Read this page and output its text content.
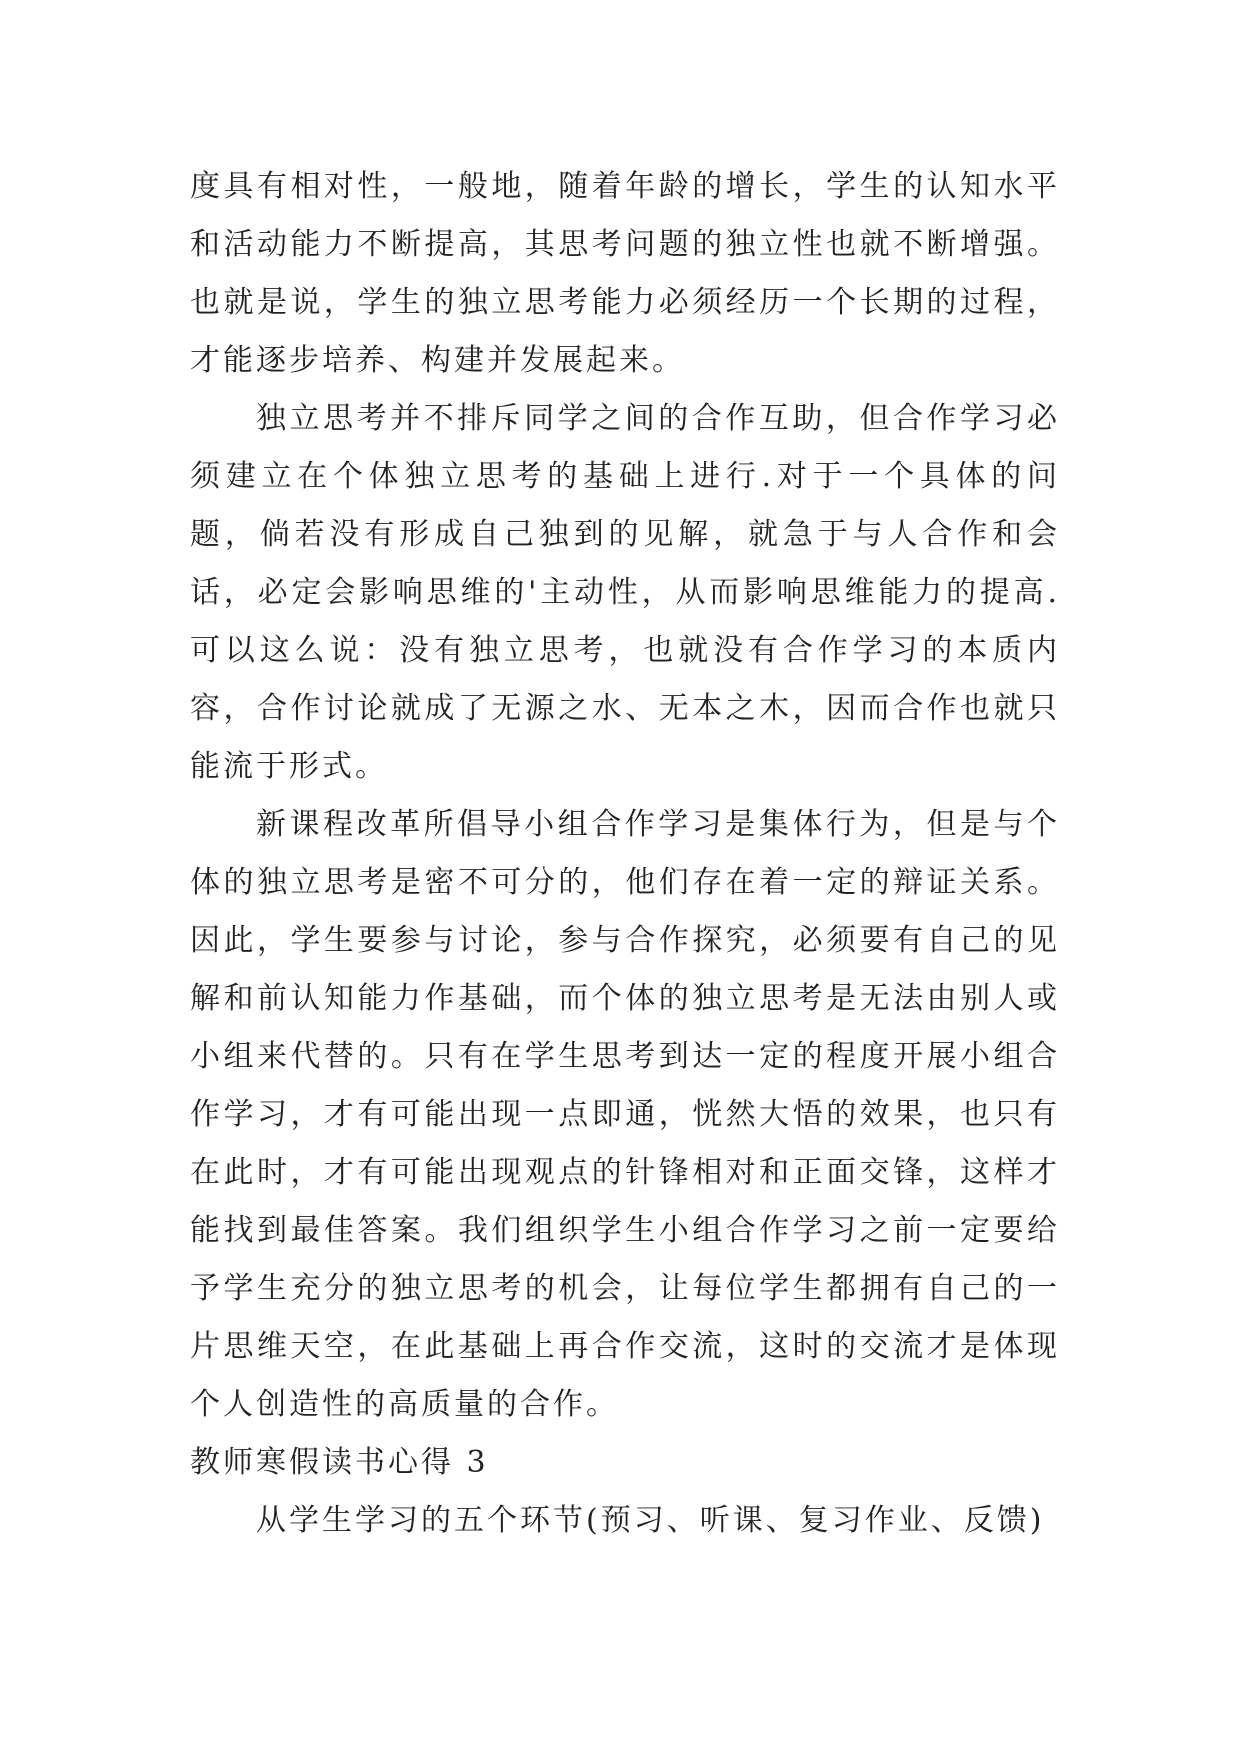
度具有相对性，一般地，随着年龄的增长，学生的认知水平和活动能力不断提高，其思考问题的独立性也就不断增强。也就是说，学生的独立思考能力必须经历一个长期的过程，才能逐步培养、构建并发展起来。

独立思考并不排斥同学之间的合作互助，但合作学习必须建立在个体独立思考的基础上进行.对于一个具体的问题，倘若没有形成自己独到的见解，就急于与人合作和会话，必定会影响思维的'主动性，从而影响思维能力的提高.可以这么说：没有独立思考，也就没有合作学习的本质内容，合作讨论就成了无源之水、无本之木，因而合作也就只能流于形式。

新课程改革所倡导小组合作学习是集体行为，但是与个体的独立思考是密不可分的，他们存在着一定的辩证关系。因此，学生要参与讨论，参与合作探究，必须要有自己的见解和前认知能力作基础，而个体的独立思考是无法由别人或小组来代替的。只有在学生思考到达一定的程度开展小组合作学习，才有可能出现一点即通，恍然大悟的效果，也只有在此时，才有可能出现观点的针锋相对和正面交锋，这样才能找到最佳答案。我们组织学生小组合作学习之前一定要给予学生充分的独立思考的机会，让每位学生都拥有自己的一片思维天空，在此基础上再合作交流，这时的交流才是体现个人创造性的高质量的合作。

教师寒假读书心得 3

从学生学习的五个环节(预习、听课、复习作业、反馈)
